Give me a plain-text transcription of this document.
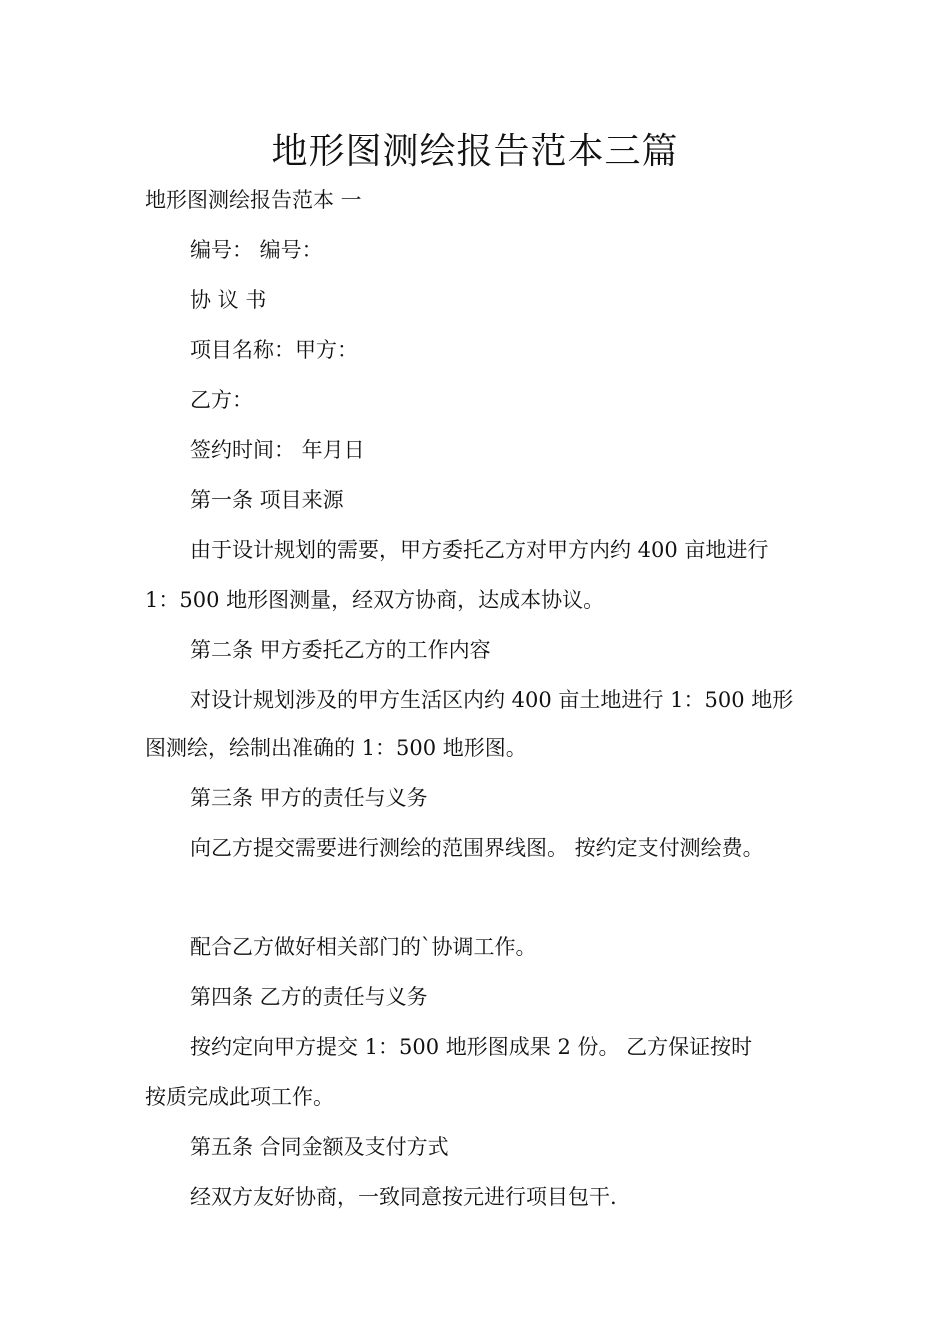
地形图测绘报告范本三篇
地形图测绘报告范本 一
编号： 编号：
协 议 书
项目名称：甲方：
乙方：
签约时间： 年月日
第一条 项目来源
由于设计规划的需要，甲方委托乙方对甲方内约 400 亩地进行
1：500 地形图测量，经双方协商，达成本协议。
第二条 甲方委托乙方的工作内容
对设计规划涉及的甲方生活区内约 400 亩土地进行 1：500 地形
图测绘，绘制出准确的 1：500 地形图。
第三条 甲方的责任与义务
向乙方提交需要进行测绘的范围界线图。 按约定支付测绘费。
配合乙方做好相关部门的`协调工作。
第四条 乙方的责任与义务
按约定向甲方提交 1：500 地形图成果 2 份。 乙方保证按时
按质完成此项工作。
第五条 合同金额及支付方式
经双方友好协商，一致同意按元进行项目包干.
